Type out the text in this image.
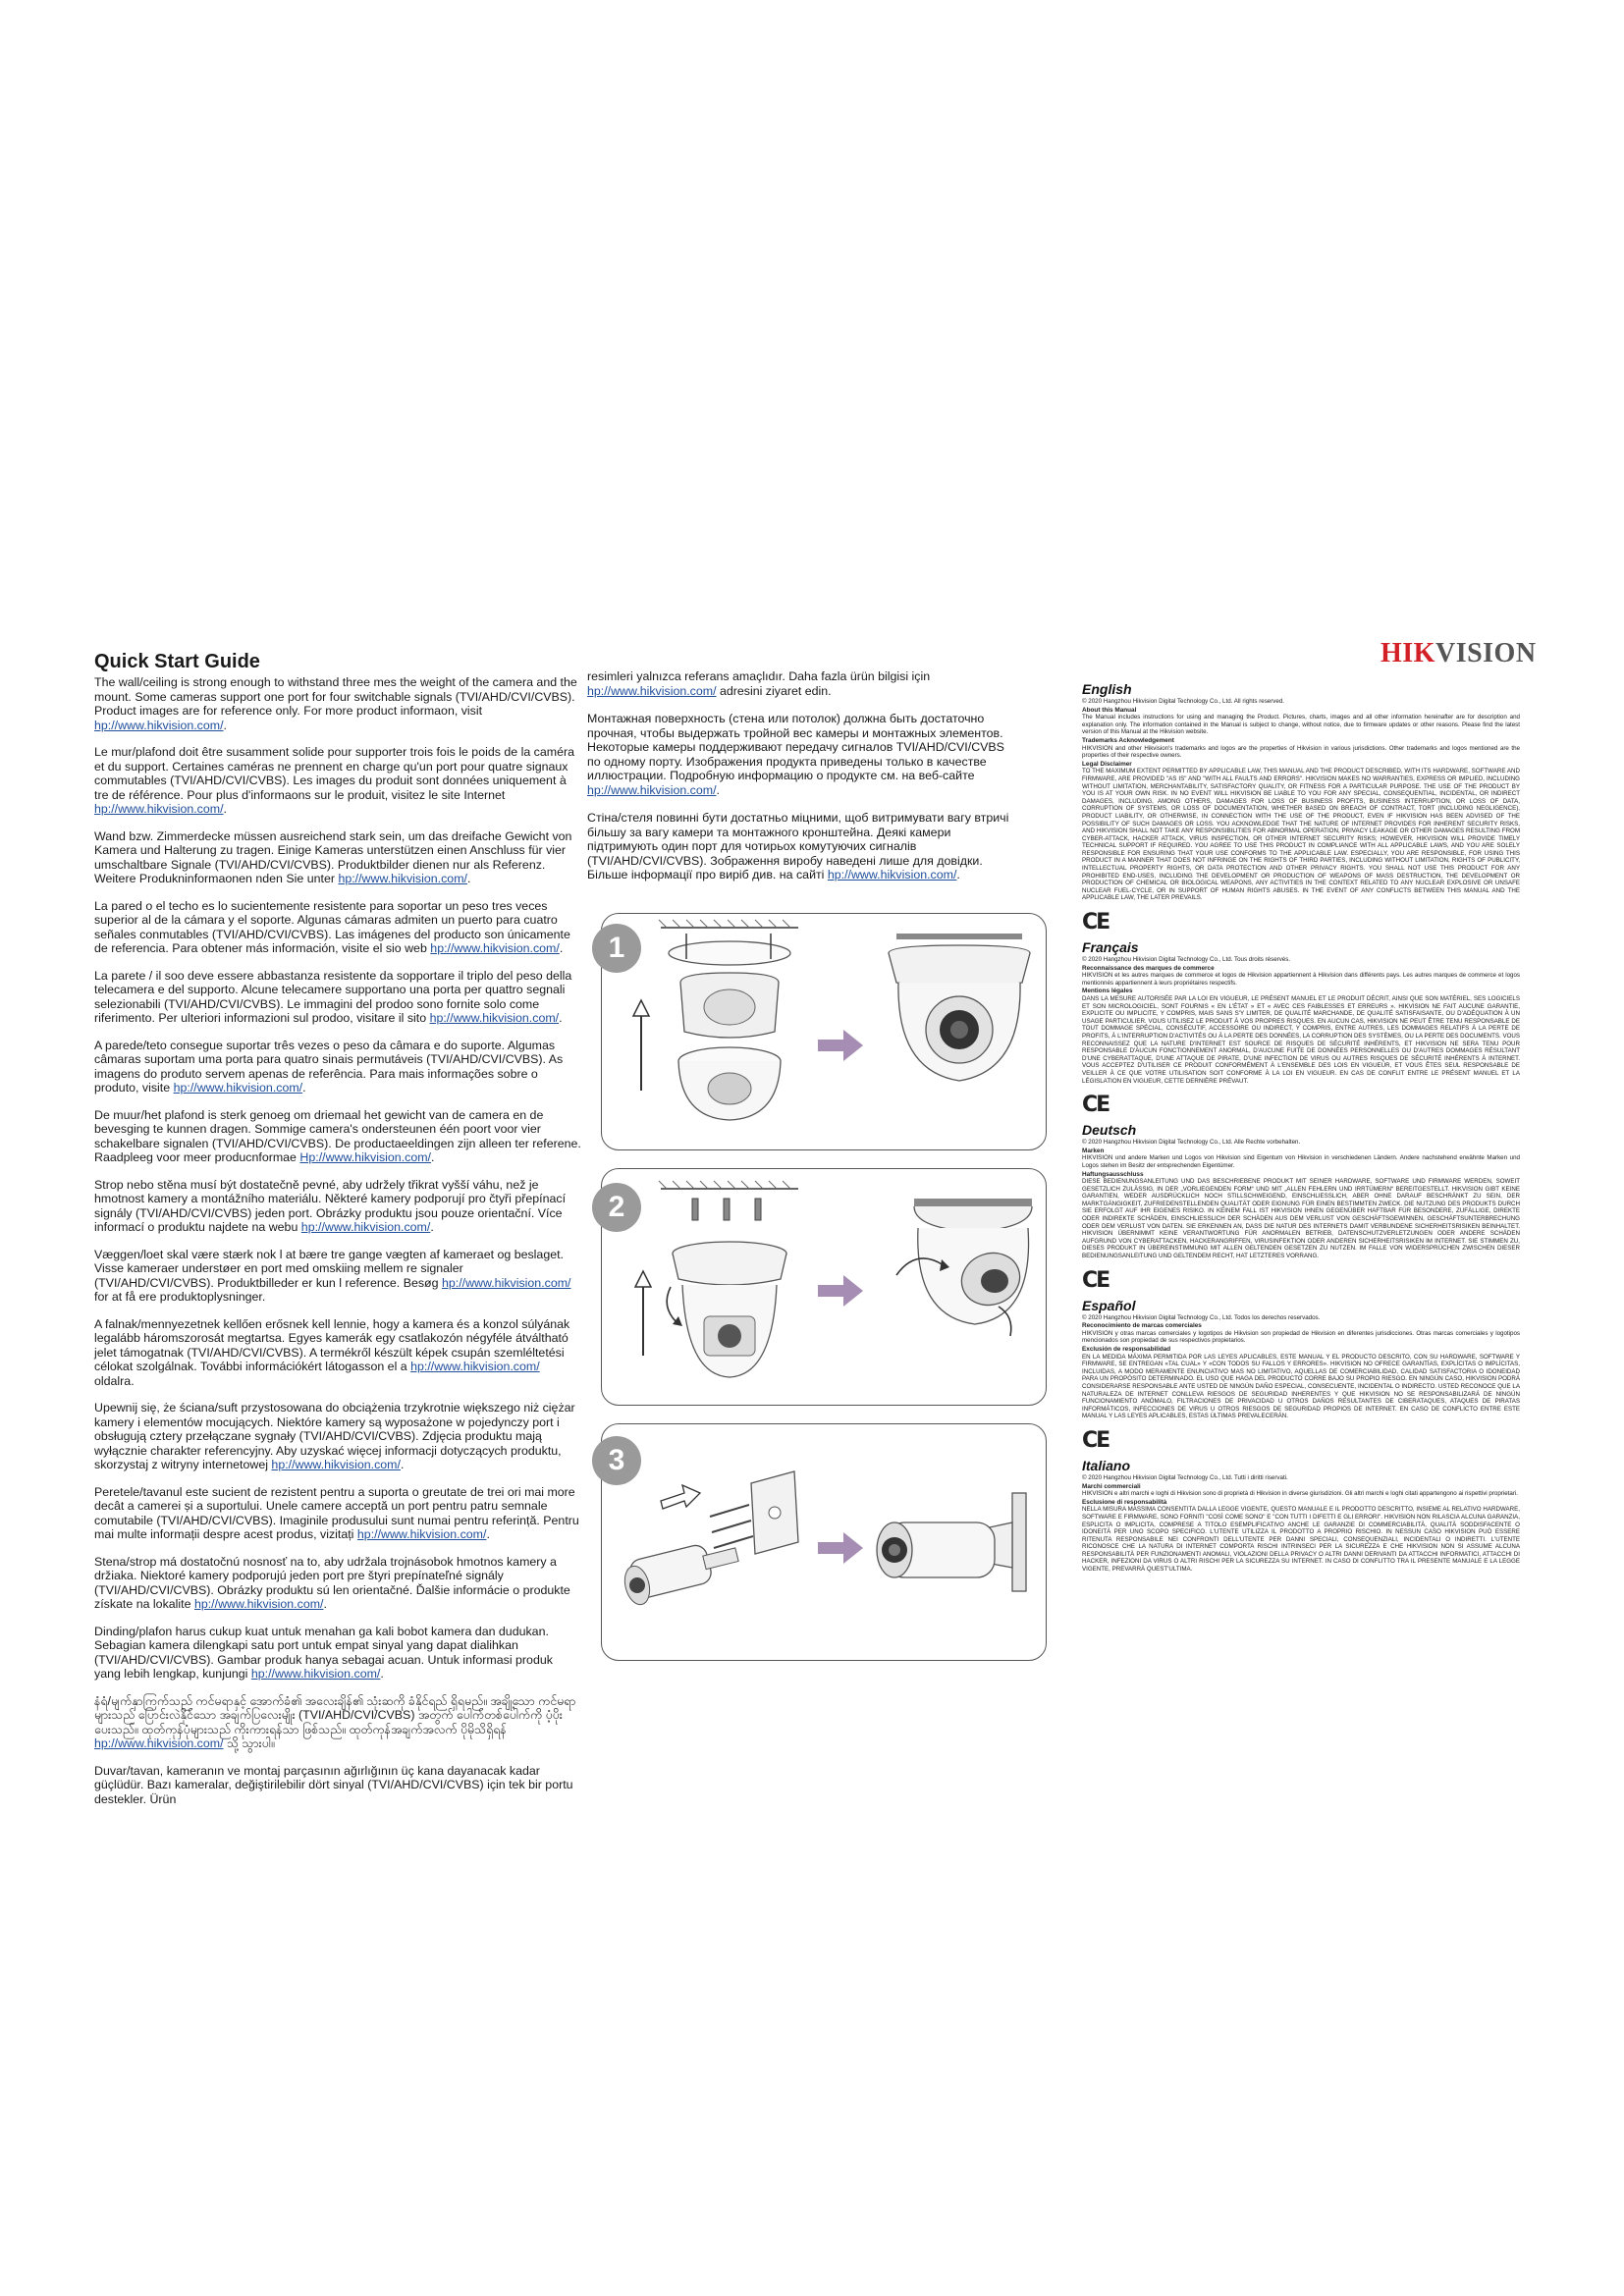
Quick Start Guide

The wall/ceiling is strong enough to withstand three mes the weight of the camera and the mount. Some cameras support one port for four switchable signals (TVI/AHD/CVI/CVBS). Product images are for reference only. For more product informaon, visit hp://www.hikvision.com/.

Le mur/plafond doit être susamment solide pour supporter trois fois le poids de la caméra et du support. Certaines caméras ne prennent en charge qu'un port pour quatre signaux commutables (TVI/AHD/CVI/CVBS). Les images du produit sont données uniquement à tre de référence. Pour plus d'informaons sur le produit, visitez le site Internet hp://www.hikvision.com/.

Wand bzw. Zimmerdecke müssen ausreichend stark sein, um das dreifache Gewicht von Kamera und Halterung zu tragen. Einige Kameras unterstützen einen Anschluss für vier umschaltbare Signale (TVI/AHD/CVI/CVBS). Produktbilder dienen nur als Referenz. Weitere Produkninformaonen nden Sie unter hp://www.hikvision.com/.

La pared o el techo es lo sucientemente resistente para soportar un peso tres veces superior al de la cámara y el soporte. Algunas cámaras admiten un puerto para cuatro señales conmutables (TVI/AHD/CVI/CVBS). Las imágenes del producto son únicamente de referencia. Para obtener más información, visite el sio web hp://www.hikvision.com/.

La parete / il soo deve essere abbastanza resistente da sopportare il triplo del peso della telecamera e del supporto. Alcune telecamere supportano una porta per quattro segnali selezionabili (TVI/AHD/CVI/CVBS). Le immagini del prodoo sono fornite solo come riferimento. Per ulteriori informazioni sul prodoo, visitare il sito hp://www.hikvision.com/.

A parede/teto consegue suportar três vezes o peso da câmara e do suporte. Algumas câmaras suportam uma porta para quatro sinais permutáveis (TVI/AHD/CVI/CVBS). As imagens do produto servem apenas de referência. Para mais informações sobre o produto, visite hp://www.hikvision.com/.

De muur/het plafond is sterk genoeg om driemaal het gewicht van de camera en de bevesging te kunnen dragen. Sommige camera's ondersteunen één poort voor vier schakelbare signalen (TVI/AHD/CVI/CVBS). De productaeeldingen zijn alleen ter referene. Raadpleeg voor meer producnformae Hp://www.hikvision.com/.

Strop nebo stěna musí být dostatečně pevné, aby udržely třikrat vyšší váhu, než je hmotnost kamery a montážního materiálu. Některé kamery podporují pro čtyři přepínací signály (TVI/AHD/CVI/CVBS) jeden port. Obrázky produktu jsou pouze orientační. Více informací o produktu najdete na webu hp://www.hikvision.com/.

Væggen/loet skal være stærk nok l at bære tre gange vægten af kameraet og beslaget. Visse kameraer understøer en port med omskiing mellem re signaler (TVI/AHD/CVI/CVBS). Produktbilleder er kun l reference. Besøg hp://www.hikvision.com/ for at få ere produktoplysninger.

A falnak/mennyezetnek kellően erősnek kell lennie, hogy a kamera és a konzol súlyának legalább háromszorosát megtartsa. Egyes kamerák egy csatlakozón négyféle átváltható jelet támogatnak (TVI/AHD/CVI/CVBS). A termékről készült képek csupán szemléltetési célokat szolgálnak. További információkért látogasson el a hp://www.hikvision.com/ oldalra.

Upewnij się, że ściana/suft przystosowana do obciążenia trzykrotnie większego niż ciężar kamery i elementów mocujących. Niektóre kamery są wyposażone w pojedynczy port i obsługują cztery przełączane sygnały (TVI/AHD/CVI/CVBS). Zdjęcia produktu mają wyłącznie charakter referencyjny. Aby uzyskać więcej informacji dotyczących produktu, skorzystaj z witryny internetowej hp://www.hikvision.com/.

Peretele/tavanul este sucient de rezistent pentru a suporta o greutate de trei ori mai more decât a camerei și a suportului. Unele camere acceptă un port pentru patru semnale comutabile (TVI/AHD/CVI/CVBS). Imaginile produsului sunt numai pentru referință. Pentru mai multe informații despre acest produs, vizitați hp://www.hikvision.com/.

Stena/strop má dostatočnú nosnosť na to, aby udržala trojnásobok hmotnos kamery a držiaka. Niektoré kamery podporujú jeden port pre štyri prepínateľné signály (TVI/AHD/CVI/CVBS). Obrázky produktu sú len orientačné. Ďalšie informácie o produkte získate na lokalite hp://www.hikvision.com/.

Dinding/plafon harus cukup kuat untuk menahan ga kali bobot kamera dan dudukan. Sebagian kamera dilengkapi satu port untuk empat sinyal yang dapat dialihkan (TVI/AHD/CVI/CVBS). Gambar produk hanya sebagai acuan. Untuk informasi produk yang lebih lengkap, kunjungi hp://www.hikvision.com/.

နံရံ/မျက်နှာကြက်သည် ကင်မရာနှင့် အောက်ခံ၏ အလေးချိန်၏ သုံးဆကို ခံနိုင်ရည် ရှိရမည်။ အချို့သော ကင်မရာများသည် ပြောင်းလဲနိုင်သော အချက်ပြလေးမျိုး (TVI/AHD/CVI/CVBS) အတွက် ပေါက်တစ်ပေါက်ကို ပံ့ပိုးပေးသည်။ ထုတ်ကုန်ပုံများသည် ကိုးကားရန်သာ ဖြစ်သည်။ ထုတ်ကုန်အချက်အလက် ပိုမိုသိရှိရန် hp://www.hikvision.com/ သို့ သွားပါ။

Duvar/tavan, kameranın ve montaj parçasının ağırlığının üç kana dayanacak kadar güçlüdür. Bazı kameralar, değiştirilebilir dört sinyal (TVI/AHD/CVI/CVBS) için tek bir portu destekler. Ürün

resimleri yalnızca referans amaçlıdır. Daha fazla ürün bilgisi için hp://www.hikvision.com/ adresini ziyaret edin.

Монтажная поверхность (стена или потолок) должна быть достаточно прочная, чтобы выдержать тройной вес камеры и монтажных элементов. Некоторые камеры поддерживают передачу сигналов TVI/AHD/CVI/CVBS по одному порту. Изображения продукта приведены только в качестве иллюстрации. Подробную информацию о продукте см. на веб-сайте hp://www.hikvision.com/.

Стіна/стеля повинні бути достатньо міцними, щоб витримувати вагу втричі більшу за вагу камери та монтажного кронштейна. Деякі камери підтримують один порт для чотирьох комутуючих сигналів (TVI/AHD/CVI/CVBS). Зображення виробу наведені лише для довідки. Більше інформації про виріб див. на сайті hp://www.hikvision.com/.

1
2
3
HIKVISION
English
© 2020 Hangzhou Hikvision Digital Technology Co., Ltd. All rights reserved.
About this Manual
The Manual includes instructions for using and managing the Product. Pictures, charts, images and all other information hereinafter are for description and explanation only. The information contained in the Manual is subject to change, without notice, due to firmware updates or other reasons. Please find the latest version of this Manual at the Hikvision website.
Trademarks Acknowledgement
HIKVISION and other Hikvision's trademarks and logos are the properties of Hikvision in various jurisdictions. Other trademarks and logos mentioned are the properties of their respective owners.
Legal Disclaimer
TO THE MAXIMUM EXTENT PERMITTED BY APPLICABLE LAW, THIS MANUAL AND THE PRODUCT DESCRIBED, WITH ITS HARDWARE, SOFTWARE AND FIRMWARE, ARE PROVIDED "AS IS" AND "WITH ALL FAULTS AND ERRORS". HIKVISION MAKES NO WARRANTIES, EXPRESS OR IMPLIED, INCLUDING WITHOUT LIMITATION, MERCHANTABILITY, SATISFACTORY QUALITY, OR FITNESS FOR A PARTICULAR PURPOSE. THE USE OF THE PRODUCT BY YOU IS AT YOUR OWN RISK. IN NO EVENT WILL HIKVISION BE LIABLE TO YOU FOR ANY SPECIAL, CONSEQUENTIAL, INCIDENTAL, OR INDIRECT DAMAGES, INCLUDING, AMONG OTHERS, DAMAGES FOR LOSS OF BUSINESS PROFITS, BUSINESS INTERRUPTION, OR LOSS OF DATA, CORRUPTION OF SYSTEMS, OR LOSS OF DOCUMENTATION, WHETHER BASED ON BREACH OF CONTRACT, TORT (INCLUDING NEGLIGENCE), PRODUCT LIABILITY, OR OTHERWISE, IN CONNECTION WITH THE USE OF THE PRODUCT, EVEN IF HIKVISION HAS BEEN ADVISED OF THE POSSIBILITY OF SUCH DAMAGES OR LOSS. YOU ACKNOWLEDGE THAT THE NATURE OF INTERNET PROVIDES FOR INHERENT SECURITY RISKS, AND HIKVISION SHALL NOT TAKE ANY RESPONSIBILITIES FOR ABNORMAL OPERATION, PRIVACY LEAKAGE OR OTHER DAMAGES RESULTING FROM CYBER-ATTACK, HACKER ATTACK, VIRUS INSPECTION, OR OTHER INTERNET SECURITY RISKS; HOWEVER, HIKVISION WILL PROVIDE TIMELY TECHNICAL SUPPORT IF REQUIRED. YOU AGREE TO USE THIS PRODUCT IN COMPLIANCE WITH ALL APPLICABLE LAWS, AND YOU ARE SOLELY RESPONSIBLE FOR ENSURING THAT YOUR USE CONFORMS TO THE APPLICABLE LAW. ESPECIALLY, YOU ARE RESPONSIBLE, FOR USING THIS PRODUCT IN A MANNER THAT DOES NOT INFRINGE ON THE RIGHTS OF THIRD PARTIES, INCLUDING WITHOUT LIMITATION, RIGHTS OF PUBLICITY, INTELLECTUAL PROPERTY RIGHTS, OR DATA PROTECTION AND OTHER PRIVACY RIGHTS. YOU SHALL NOT USE THIS PRODUCT FOR ANY PROHIBITED END-USES, INCLUDING THE DEVELOPMENT OR PRODUCTION OF WEAPONS OF MASS DESTRUCTION, THE DEVELOPMENT OR PRODUCTION OF CHEMICAL OR BIOLOGICAL WEAPONS, ANY ACTIVITIES IN THE CONTEXT RELATED TO ANY NUCLEAR EXPLOSIVE OR UNSAFE NUCLEAR FUEL-CYCLE, OR IN SUPPORT OF HUMAN RIGHTS ABUSES. IN THE EVENT OF ANY CONFLICTS BETWEEN THIS MANUAL AND THE APPLICABLE LAW, THE LATER PREVAILS.
CE
Français
© 2020 Hangzhou Hikvision Digital Technology Co., Ltd. Tous droits réservés.
Reconnaissance des marques de commerce
HIKVISION et les autres marques de commerce et logos de Hikvision appartiennent à Hikvision dans différents pays. Les autres marques de commerce et logos mentionnés appartiennent à leurs propriétaires respectifs.
Mentions légales
DANS LA MESURE AUTORISÉE PAR LA LOI EN VIGUEUR, LE PRÉSENT MANUEL ET LE PRODUIT DÉCRIT, AINSI QUE SON MATÉRIEL, SES LOGICIELS ET SON MICROLOGICIEL, SONT FOURNIS « EN L'ÉTAT » ET « AVEC CES FAIBLESSES ET ERREURS ». HIKVISION NE FAIT AUCUNE GARANTIE, EXPLICITE OU IMPLICITE, Y COMPRIS, MAIS SANS S'Y LIMITER, DE QUALITÉ MARCHANDE, DE QUALITÉ SATISFAISANTE, OU D'ADÉQUATION À UN USAGE PARTICULIER. VOUS UTILISEZ LE PRODUIT À VOS PROPRES RISQUES. EN AUCUN CAS, HIKVISION NE PEUT ÊTRE TENU RESPONSABLE DE TOUT DOMMAGE SPÉCIAL, CONSÉCUTIF, ACCESSOIRE OU INDIRECT, Y COMPRIS, ENTRE AUTRES, LES DOMMAGES RELATIFS À LA PERTE DE PROFITS, À L'INTERRUPTION D'ACTIVITÉS OU À LA PERTE DES DONNÉES, LA CORRUPTION DES SYSTÈMES, OU LA PERTE DES DOCUMENTS. VOUS RECONNAISSEZ QUE LA NATURE D'INTERNET EST SOURCE DE RISQUES DE SÉCURITÉ INHÉRENTS, ET HIKVISION NE SERA TENU POUR RESPONSABLE D'AUCUN FONCTIONNEMENT ANORMAL, D'AUCUNE FUITE DE DONNÉES PERSONNELLES OU D'AUTRES DOMMAGES RÉSULTANT D'UNE CYBERATTAQUE, D'UNE ATTAQUE DE PIRATE, D'UNE INFECTION DE VIRUS OU AUTRES RISQUES DE SÉCURITÉ INHÉRENTS À INTERNET. VOUS ACCEPTEZ D'UTILISER CE PRODUIT CONFORMÉMENT À L'ENSEMBLE DES LOIS EN VIGUEUR, ET VOUS ÊTES SEUL RESPONSABLE DE VEILLER À CE QUE VOTRE UTILISATION SOIT CONFORME À LA LOI EN VIGUEUR. EN CAS DE CONFLIT ENTRE LE PRÉSENT MANUEL ET LA LÉGISLATION EN VIGUEUR, CETTE DERNIÈRE PRÉVAUT.
CE
Deutsch
© 2020 Hangzhou Hikvision Digital Technology Co., Ltd. Alle Rechte vorbehalten.
Marken
HIKVISION und andere Marken und Logos von Hikvision sind Eigentum von Hikvision in verschiedenen Ländern. Andere nachstehend erwähnte Marken und Logos stehen im Besitz der entsprechenden Eigentümer.
Haftungsausschluss
DIESE BEDIENUNGSANLEITUNG UND DAS BESCHRIEBENE PRODUKT MIT SEINER HARDWARE, SOFTWARE UND FIRMWARE WERDEN, SOWEIT GESETZLICH ZULÄSSIG, IN DER „VORLIEGENDEN FORM“ UND MIT „ALLEN FEHLERN UND IRRTÜMERN“ BEREITGESTELLT. HIKVISION GIBT KEINE GARANTIEN, WEDER AUSDRÜCKLICH NOCH STILLSCHWEIGEND, EINSCHLIESSLICH, ABER OHNE DARAUF BESCHRÄNKT ZU SEIN, DER MARKTGÄNGIGKEIT, ZUFRIEDENSTELLENDEN QUALITÄT ODER EIGNUNG FÜR EINEN BESTIMMTEN ZWECK. DIE NUTZUNG DES PRODUKTS DURCH SIE ERFOLGT AUF IHR EIGENES RISIKO. IN KEINEM FALL IST HIKVISION IHNEN GEGENÜBER HAFTBAR FÜR BESONDERE, ZUFÄLLIGE, DIREKTE ODER INDIREKTE SCHÄDEN, EINSCHLIESSLICH DER SCHÄDEN AUS DEM VERLUST VON GESCHÄFTSGEWINNEN, GESCHÄFTSUNTERBRECHUNG ODER DEM VERLUST VON DATEN. SIE ERKENNEN AN, DASS DIE NATUR DES INTERNETS DAMIT VERBUNDENE SICHERHEITSRISIKEN BEINHALTET. HIKVISION ÜBERNIMMT KEINE VERANTWORTUNG FÜR ANORMALEN BETRIEB, DATENSCHUTZVERLETZUNGEN ODER ANDERE SCHÄDEN AUFGRUND VON CYBERATTACKEN, HACKERANGRIFFEN, VIRUSINFEKTION ODER ANDEREN SICHERHEITSRISIKEN IM INTERNET. SIE STIMMEN ZU, DIESES PRODUKT IN ÜBEREINSTIMMUNG MIT ALLEN GELTENDEN GESETZEN ZU NUTZEN. IM FALLE VON WIDERSPRÜCHEN ZWISCHEN DIESER BEDIENUNGSANLEITUNG UND GELTENDEM RECHT, HAT LETZTERES VORRANG.
CE
Español
© 2020 Hangzhou Hikvision Digital Technology Co., Ltd. Todos los derechos reservados.
Reconocimiento de marcas comerciales
HIKVISION y otras marcas comerciales y logotipos de Hikvision son propiedad de Hikvision en diferentes jurisdicciones. Otras marcas comerciales y logotipos mencionados son propiedad de sus respectivos propietarios.
Exclusión de responsabilidad
EN LA MEDIDA MÁXIMA PERMITIDA POR LAS LEYES APLICABLES, ESTE MANUAL Y EL PRODUCTO DESCRITO, CON SU HARDWARE, SOFTWARE Y FIRMWARE, SE ENTREGAN «TAL CUAL» Y «CON TODOS SU FALLOS Y ERRORES». HIKVISION NO OFRECE GARANTÍAS, EXPLÍCITAS O IMPLÍCITAS, INCLUIDAS, A MODO MERAMENTE ENUNCIATIVO MAS NO LIMITATIVO, AQUELLAS DE COMERCIABILIDAD, CALIDAD SATISFACTORIA O IDONEIDAD PARA UN PROPÓSITO DETERMINADO. EL USO QUE HAGA DEL PRODUCTO CORRE BAJO SU PROPIO RIESGO. EN NINGÚN CASO, HIKVISION PODRÁ CONSIDERARSE RESPONSABLE ANTE USTED DE NINGÚN DAÑO ESPECIAL, CONSECUENTE, INCIDENTAL O INDIRECTO. USTED RECONOCE QUE LA NATURALEZA DE INTERNET CONLLEVA RIESGOS DE SEGURIDAD INHERENTES Y QUE HIKVISION NO SE RESPONSABILIZARÁ DE NINGÚN FUNCIONAMIENTO ANÓMALO, FILTRACIONES DE PRIVACIDAD U OTROS DAÑOS RESULTANTES DE CIBERATAQUES, ATAQUES DE PIRATAS INFORMÁTICOS, INFECCIONES DE VIRUS U OTROS RIESGOS DE SEGURIDAD PROPIOS DE INTERNET. EN CASO DE CONFLICTO ENTRE ESTE MANUAL Y LAS LEYES APLICABLES, ESTAS ÚLTIMAS PREVALECERÁN.
CE
Italiano
© 2020 Hangzhou Hikvision Digital Technology Co., Ltd. Tutti i diritti riservati.
Marchi commerciali
HIKVISION e altri marchi e loghi di Hikvision sono di proprietà di Hikvision in diverse giurisdizioni. Gli altri marchi e loghi citati appartengono ai rispettivi proprietari.
Esclusione di responsabilità
NELLA MISURA MASSIMA CONSENTITA DALLA LEGGE VIGENTE, QUESTO MANUALE E IL PRODOTTO DESCRITTO, INSIEME AL RELATIVO HARDWARE, SOFTWARE E FIRMWARE, SONO FORNITI "COSÌ COME SONO" E "CON TUTTI I DIFETTI E GLI ERRORI". HIKVISION NON RILASCIA ALCUNA GARANZIA, ESPLICITA O IMPLICITA, COMPRESE A TITOLO ESEMPLIFICATIVO ANCHE LE GARANZIE DI COMMERCIABILITÀ, QUALITÀ SODDISFACENTE O IDONEITÀ PER UNO SCOPO SPECIFICO. L'UTENTE UTILIZZA IL PRODOTTO A PROPRIO RISCHIO. IN NESSUN CASO HIKVISION PUÒ ESSERE RITENUTA RESPONSABILE NEI CONFRONTI DELL'UTENTE PER DANNI SPECIALI, CONSEQUENZIALI, INCIDENTALI O INDIRETTI. L'UTENTE RICONOSCE CHE LA NATURA DI INTERNET COMPORTA RISCHI INTRINSECI PER LA SICUREZZA E CHE HIKVISION NON SI ASSUME ALCUNA RESPONSABILITÀ PER FUNZIONAMENTI ANOMALI, VIOLAZIONI DELLA PRIVACY O ALTRI DANNI DERIVANTI DA ATTACCHI INFORMATICI, ATTACCHI DI HACKER, INFEZIONI DA VIRUS O ALTRI RISCHI PER LA SICUREZZA SU INTERNET. IN CASO DI CONFLITTO TRA IL PRESENTE MANUALE E LA LEGGE VIGENTE, PREVARRÀ QUEST'ULTIMA.
